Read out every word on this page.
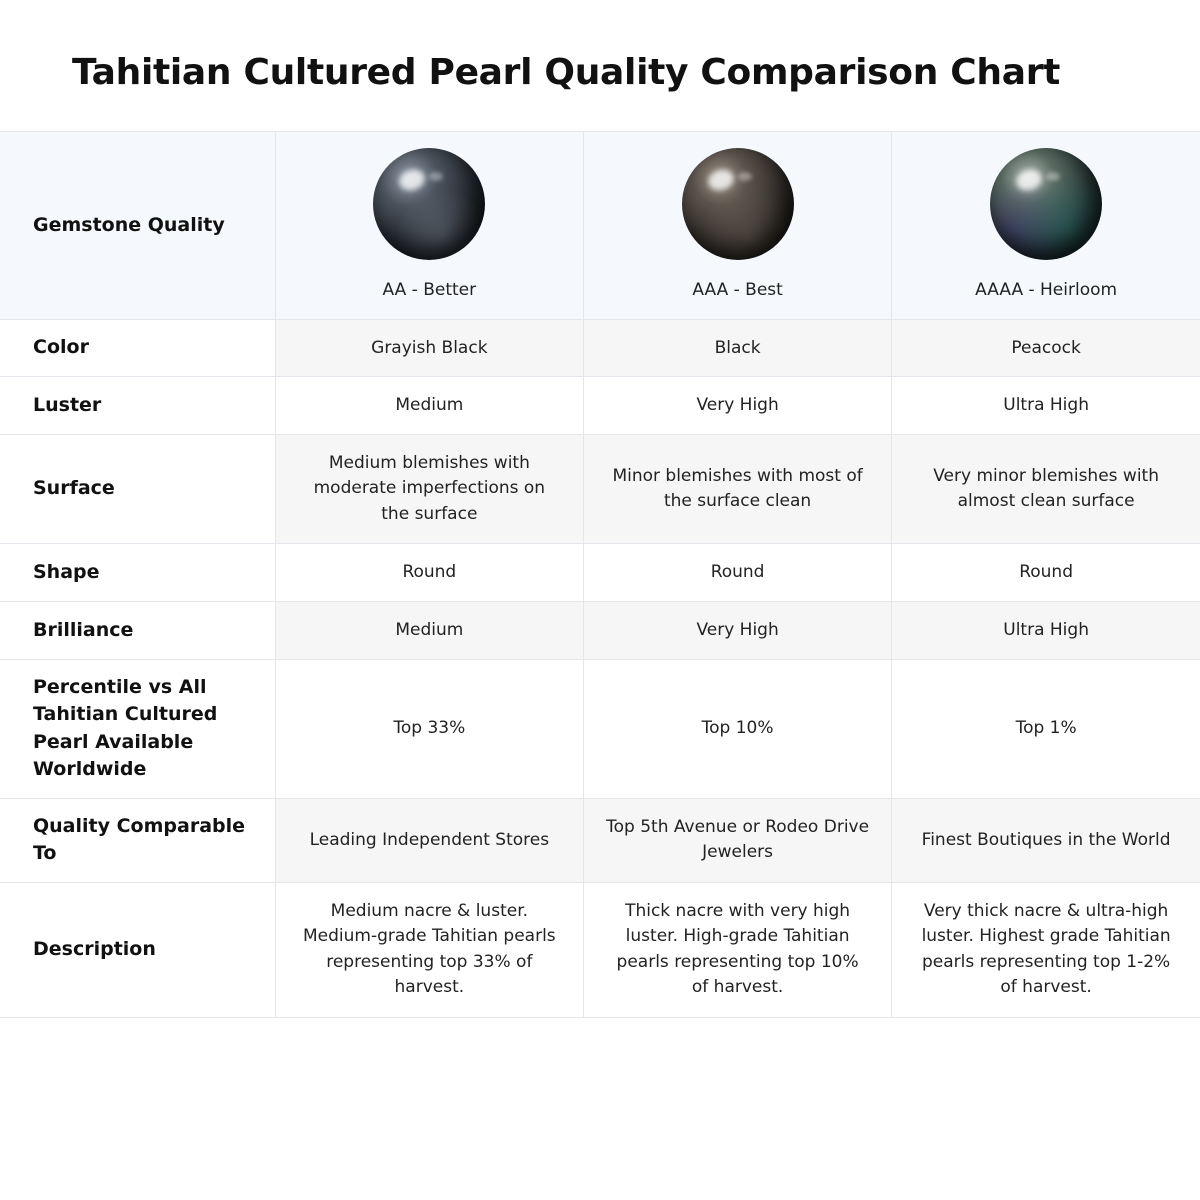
Tahitian Cultured Pearl Quality Comparison Chart
Gemstone Quality	AA - Better	AAA - Best	AAAA - Heirloom

Color	Grayish Black	Black	Peacock
Luster	Medium	Very High	Ultra High
Surface	Medium blemishes with moderate imperfections on the surface	Minor blemishes with most of the surface clean	Very minor blemishes with almost clean surface
Shape	Round	Round	Round
Brilliance	Medium	Very High	Ultra High
Percentile vs All Tahitian Cultured Pearl Available Worldwide	Top 33%	Top 10%	Top 1%
Quality Comparable To	Leading Independent Stores	Top 5th Avenue or Rodeo Drive Jewelers	Finest Boutiques in the World
Description	Medium nacre & luster. Medium-grade Tahitian pearls representing top 33% of harvest.	Thick nacre with very high luster. High-grade Tahitian pearls representing top 10% of harvest.	Very thick nacre & ultra-high luster. Highest grade Tahitian pearls representing top 1-2% of harvest.
